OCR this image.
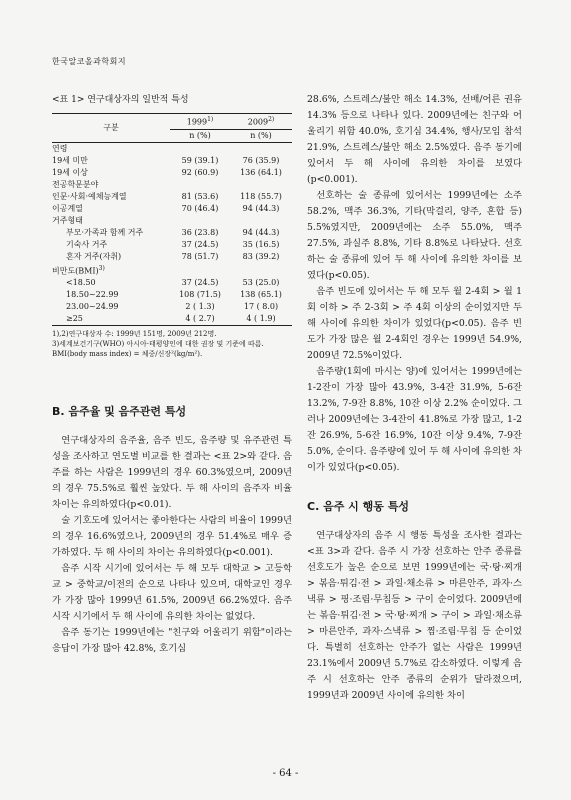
한국알코올과학회지
<표 1> 연구대상자의 일반적 특성
구분	1999$^{1)}$	2009$^{2)}$
	n (%)	n (%)
연령		
19세 미만	59 (39.1)	76 (35.9)
19세 이상	92 (60.9)	136 (64.1)
전공학문분야		
인문·사회·예체능계열	81 (53.6)	118 (55.7)
이공계열	70 (46.4)	94 (44.3)
거주형태		
부모·가족과 함께 거주	36 (23.8)	94 (44.3)
기숙사 거주	37 (24.5)	35 (16.5)
혼자 거주(자취)	78 (51.7)	83 (39.2)
비만도(BMI)$^{3)}$		
<18.50	37 (24.5)	53 (25.0)
18.50~22.99	108 (71.5)	138 (65.1)
23.00~24.99	2 ( 1.3)	17 ( 8.0)
≥25	4 ( 2.7)	4 ( 1.9)
1),2)연구대상자 수: 1999년 151명, 2009년 212명.
3)세계보건기구(WHO) 아시아·태평양인에 대한 권장 및 기준에 따름.
BMI(body mass index) = 체중/신장²(kg/m²).
B. 음주율 및 음주관련 특성

연구대상자의 음주율, 음주 빈도, 음주량 및 유주관련 특성을 조사하고 연도별 비교를 한 결과는 <표 2>와 같다. 음주를 하는 사람은 1999년의 경우 60.3%였으며, 2009년의 경우 75.5%로 훨씬 높았다. 두 해 사이의 음주자 비율 차이는 유의하였다(p<0.01).

술 기호도에 있어서는 좋아한다는 사람의 비율이 1999년의 경우 16.6%였으나, 2009년의 경우 51.4%로 매우 증가하였다. 두 해 사이의 차이는 유의하였다(p<0.001).

음주 시작 시기에 있어서는 두 해 모두 대학교 > 고등학교 > 중학교/이전의 순으로 나타나 있으며, 대학교인 경우가 가장 많아 1999년 61.5%, 2009년 66.2%였다. 음주 시작 시기에서 두 해 사이에 유의한 차이는 없었다.

음주 동기는 1999년에는 "친구와 어울리기 위함"이라는 응답이 가장 많아 42.8%, 호기심

28.6%, 스트레스/불안 해소 14.3%, 선배/어른 권유 14.3% 등으로 나타나 있다. 2009년에는 친구와 어울리기 위함 40.0%, 호기심 34.4%, 행사/모임 참석 21.9%, 스트레스/불안 해소 2.5%였다. 음주 동기에 있어서 두 해 사이에 유의한 차이를 보였다(p<0.001).

선호하는 술 종류에 있어서는 1999년에는 소주 58.2%, 맥주 36.3%, 기타(막걸리, 양주, 혼합 등) 5.5%였지만, 2009년에는 소주 55.0%, 맥주 27.5%, 과실주 8.8%, 기타 8.8%로 나타났다. 선호하는 술 종류에 있어 두 해 사이에 유의한 차이를 보였다(p<0.05).

음주 빈도에 있어서는 두 해 모두 월 2-4회 > 월 1회 이하 > 주 2-3회 > 주 4회 이상의 순이었지만 두 해 사이에 유의한 차이가 있었다(p<0.05). 음주 빈도가 가장 많은 월 2-4회인 경우는 1999년 54.9%, 2009년 72.5%이었다.

음주량(1회에 마시는 양)에 있어서는 1999년에는 1-2잔이 가장 많아 43.9%, 3-4잔 31.9%, 5-6잔 13.2%, 7-9잔 8.8%, 10잔 이상 2.2% 순이었다. 그러나 2009년에는 3-4잔이 41.8%로 가장 많고, 1-2잔 26.9%, 5-6잔 16.9%, 10잔 이상 9.4%, 7-9잔 5.0%, 순이다. 음주량에 있어 두 해 사이에 유의한 차이가 있었다(p<0.05).

C. 음주 시 행동 특성

연구대상자의 음주 시 행동 특성을 조사한 결과는 <표 3>과 같다. 음주 시 가장 선호하는 안주 종류를 선호도가 높은 순으로 보면 1999년에는 국·탕·찌개 > 볶음·튀김·전 > 과일·채소류 > 마른안주, 과자·스낵류 > 핑·조림·무침등 > 구이 순이었다. 2009년에는 볶음·튀김·전 > 국·탕·찌개 > 구이 > 과일·채소류 > 마른안주, 과자·스낵류 > 찜·조림·무침 등 순이었다. 특별히 선호하는 안주가 없는 사람은 1999년 23.1%에서 2009년 5.7%로 감소하였다. 이렇게 음주 시 선호하는 안주 종류의 순위가 달라졌으며, 1999년과 2009년 사이에 유의한 차이

- 64 -
